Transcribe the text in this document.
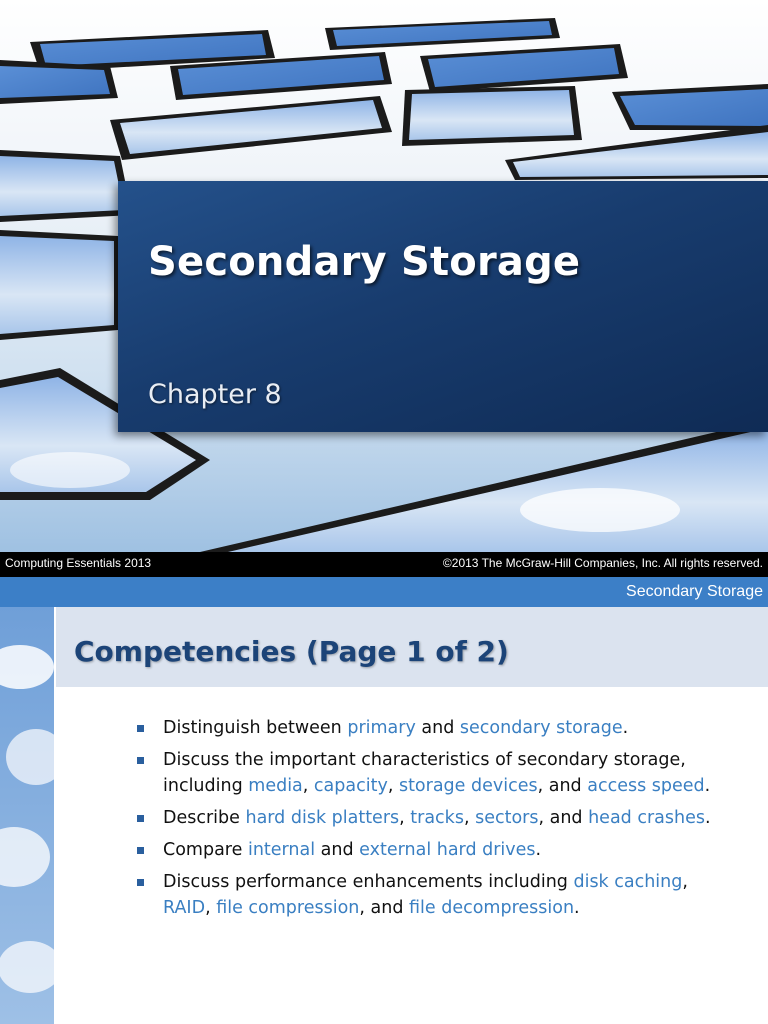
Secondary Storage
Chapter 8
Computing Essentials 2013	©2013 The McGraw-Hill Companies, Inc. All rights reserved.
Secondary Storage
Competencies (Page 1 of 2)
Distinguish between primary and secondary storage.
Discuss the important characteristics of secondary storage, including media, capacity, storage devices, and access speed.
Describe hard disk platters, tracks, sectors, and head crashes.
Compare internal and external hard drives.
Discuss performance enhancements including disk caching, RAID, file compression, and file decompression.
